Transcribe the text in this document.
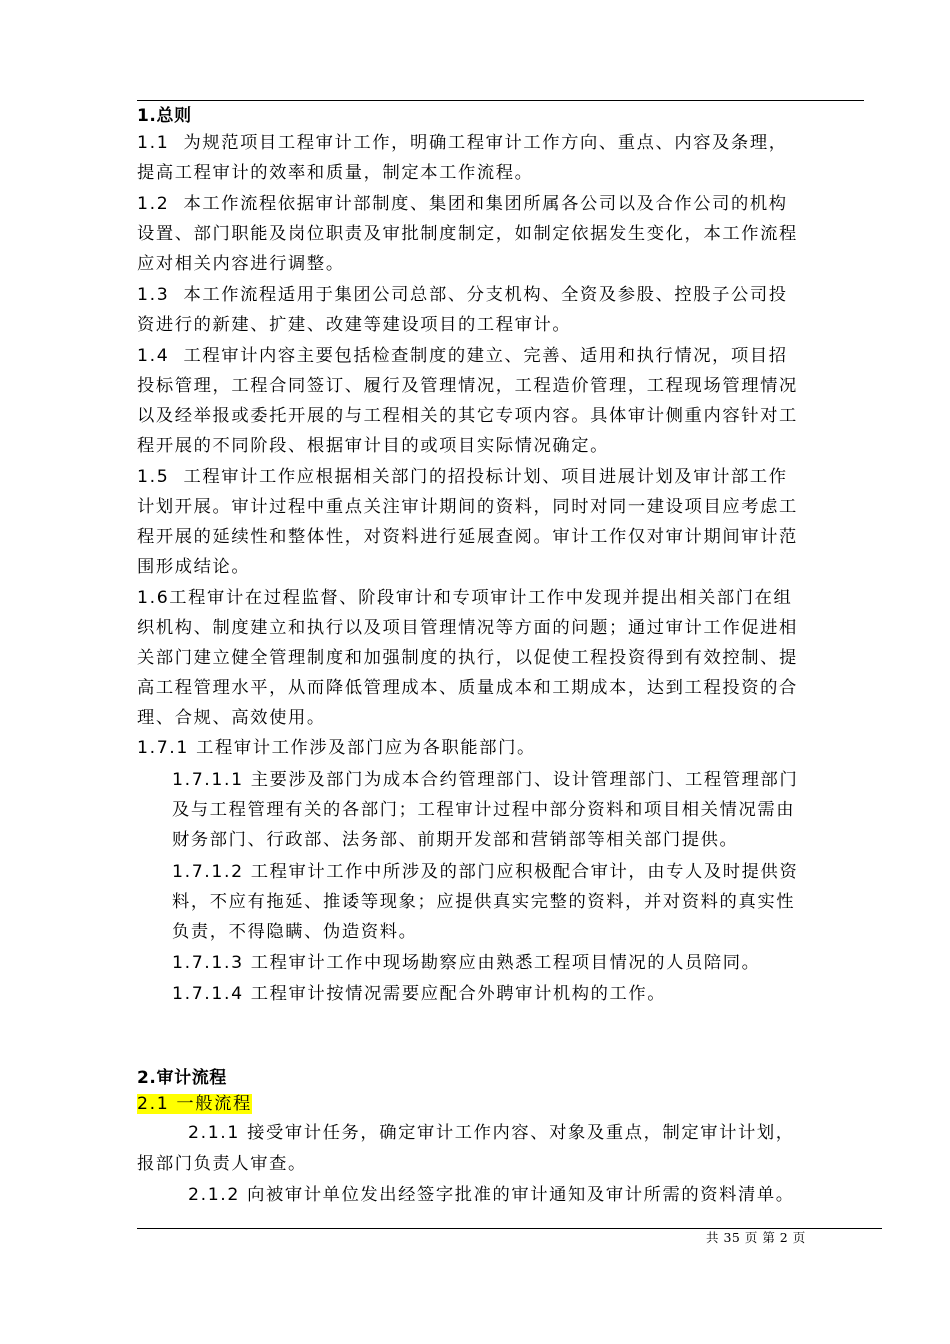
1.总则
1.1 为规范项目工程审计工作，明确工程审计工作方向、重点、内容及条理，
提高工程审计的效率和质量，制定本工作流程。
1.2 本工作流程依据审计部制度、集团和集团所属各公司以及合作公司的机构
设置、部门职能及岗位职责及审批制度制定，如制定依据发生变化，本工作流程
应对相关内容进行调整。
1.3 本工作流程适用于集团公司总部、分支机构、全资及参股、控股子公司投
资进行的新建、扩建、改建等建设项目的工程审计。
1.4 工程审计内容主要包括检查制度的建立、完善、适用和执行情况，项目招
投标管理，工程合同签订、履行及管理情况，工程造价管理，工程现场管理情况
以及经举报或委托开展的与工程相关的其它专项内容。具体审计侧重内容针对工
程开展的不同阶段、根据审计目的或项目实际情况确定。
1.5 工程审计工作应根据相关部门的招投标计划、项目进展计划及审计部工作
计划开展。审计过程中重点关注审计期间的资料，同时对同一建设项目应考虑工
程开展的延续性和整体性，对资料进行延展查阅。审计工作仅对审计期间审计范
围形成结论。
1.6工程审计在过程监督、阶段审计和专项审计工作中发现并提出相关部门在组
织机构、制度建立和执行以及项目管理情况等方面的问题；通过审计工作促进相
关部门建立健全管理制度和加强制度的执行，以促使工程投资得到有效控制、提
高工程管理水平，从而降低管理成本、质量成本和工期成本，达到工程投资的合
理、合规、高效使用。
1.7.1 工程审计工作涉及部门应为各职能部门。
1.7.1.1 主要涉及部门为成本合约管理部门、设计管理部门、工程管理部门
及与工程管理有关的各部门；工程审计过程中部分资料和项目相关情况需由
财务部门、行政部、法务部、前期开发部和营销部等相关部门提供。
1.7.1.2 工程审计工作中所涉及的部门应积极配合审计，由专人及时提供资
料，不应有拖延、推诿等现象；应提供真实完整的资料，并对资料的真实性
负责，不得隐瞒、伪造资料。
1.7.1.3 工程审计工作中现场勘察应由熟悉工程项目情况的人员陪同。
1.7.1.4 工程审计按情况需要应配合外聘审计机构的工作。
2.审计流程
2.1 一般流程
2.1.1 接受审计任务，确定审计工作内容、对象及重点，制定审计计划，
报部门负责人审查。
2.1.2 向被审计单位发出经签字批准的审计通知及审计所需的资料清单。
共 35 页 第 2 页
